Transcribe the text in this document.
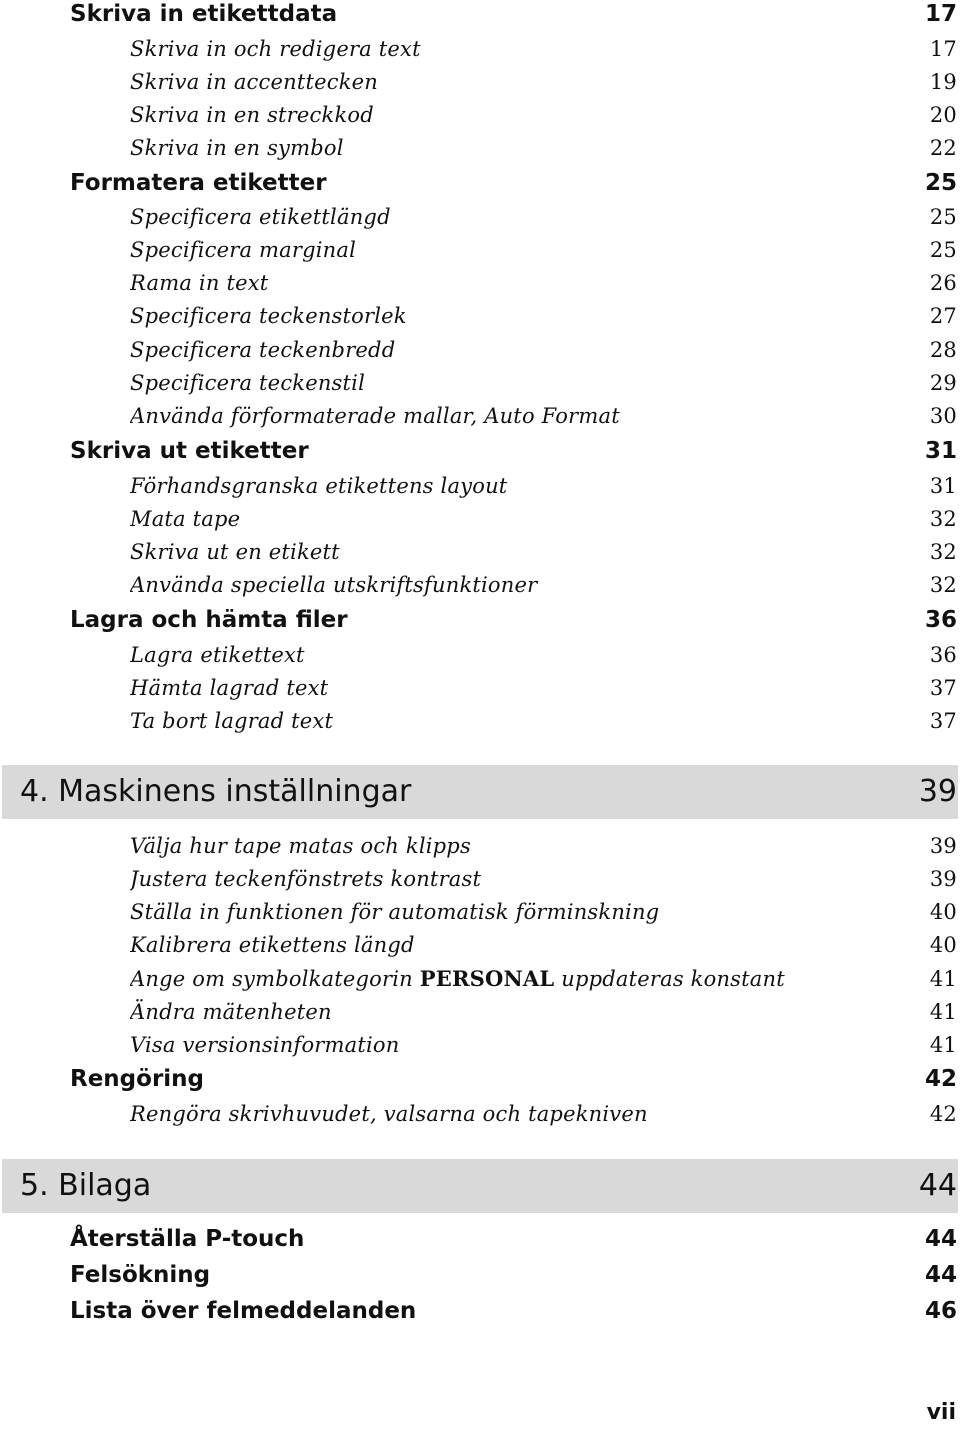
Skriva in etikettdata	17
Skriva in och redigera text	17
Skriva in accenttecken	19
Skriva in en streckkod	20
Skriva in en symbol	22
Formatera etiketter	25
Specificera etikettlängd	25
Specificera marginal	25
Rama in text	26
Specificera teckenstorlek	27
Specificera teckenbredd	28
Specificera teckenstil	29
Använda förformaterade mallar, Auto Format	30
Skriva ut etiketter	31
Förhandsgranska etikettens layout	31
Mata tape	32
Skriva ut en etikett	32
Använda speciella utskriftsfunktioner	32
Lagra och hämta filer	36
Lagra etikettext	36
Hämta lagrad text	37
Ta bort lagrad text	37
4. Maskinens inställningar	39
Välja hur tape matas och klipps	39
Justera teckenfönstrets kontrast	39
Ställa in funktionen för automatisk förminskning	40
Kalibrera etikettens längd	40
Ange om symbolkategorin PERSONAL uppdateras konstant	41
Ändra mätenheten	41
Visa versionsinformation	41
Rengöring	42
Rengöra skrivhuvudet, valsarna och tapekniven	42
5. Bilaga	44
Återställa P-touch	44
Felsökning	44
Lista över felmeddelanden	46
vii
